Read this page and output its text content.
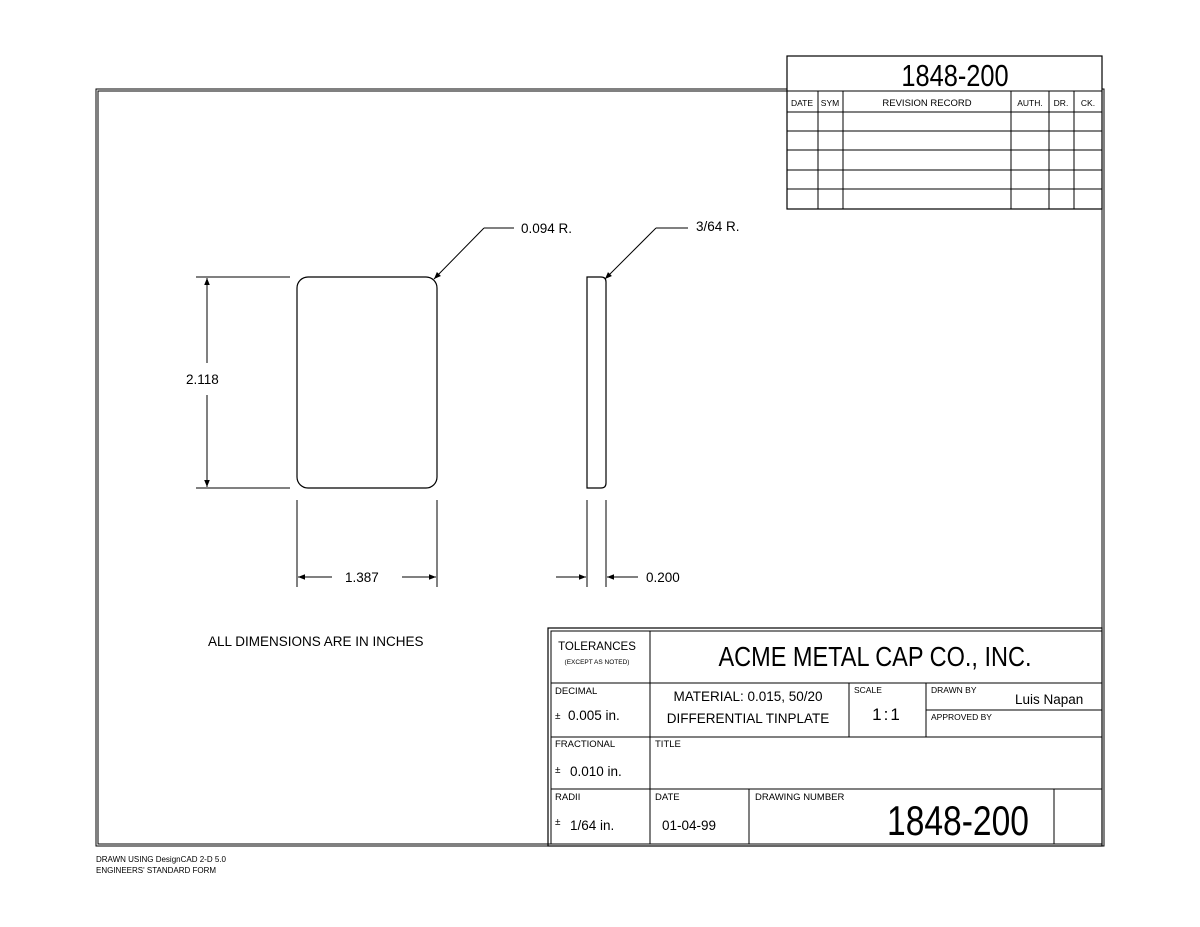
1848-200
DATE SYM	REVISION RECORD	AUTH. DR. CK.
0.094 R.	3/64 R.
2.118
1.387	0.200
ALL DIMENSIONS ARE IN INCHES	TOLERANCES
(EXCEPT AS NOTED)	ACME METAL CAP CO., INC.
DECIMAL
± 0.005 in.
MATERIAL: 0.015, 50/20
DIFFERENTIAL TINPLATE
SCALE
1:1
DRAWN BY
Luis Napan
APPROVED BY
FRACTIONAL
± 0.010 in.
TITLE
RADII
± 1/64 in.
DATE
01-04-99
DRAWING NUMBER
1848-200
DRAWN USING DesignCAD 2-D 5.0
ENGINEERS' STANDARD FORM
